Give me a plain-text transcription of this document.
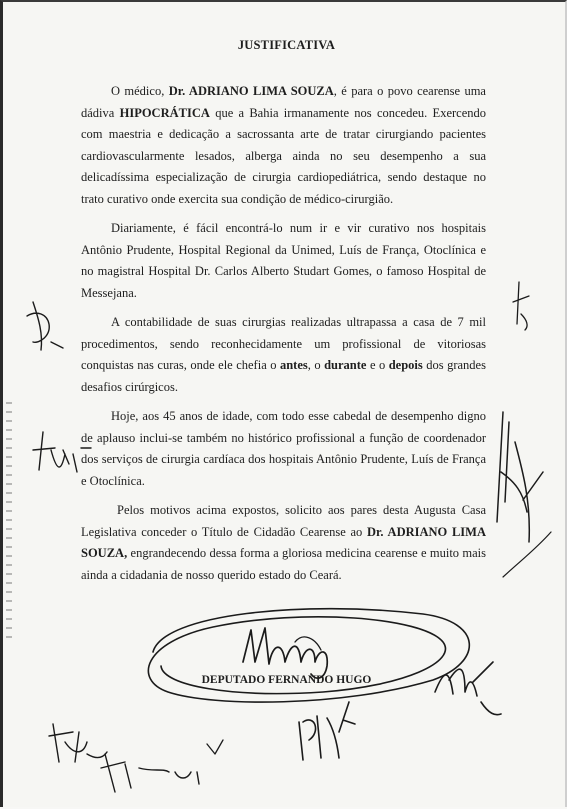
JUSTIFICATIVA

O médico, Dr. ADRIANO LIMA SOUZA, é para o povo cearense uma dádiva HIPOCRÁTICA que a Bahia irmanamente nos concedeu. Exercendo com maestria e dedicação a sacrossanta arte de tratar cirurgiando pacientes cardiovascularmente lesados, alberga ainda no seu desempenho a sua delicadíssima especialização de cirurgia cardiopediátrica, sendo destaque no trato curativo onde exercita sua condição de médico-cirurgião.

Diariamente, é fácil encontrá-lo num ir e vir curativo nos hospitais Antônio Prudente, Hospital Regional da Unimed, Luís de França, Otoclínica e no magistral Hospital Dr. Carlos Alberto Studart Gomes, o famoso Hospital de Messejana.

A contabilidade de suas cirurgias realizadas ultrapassa a casa de 7 mil procedimentos, sendo reconhecidamente um profissional de vitoriosas conquistas nas curas, onde ele chefia o antes, o durante e o depois dos grandes desafios cirúrgicos.

Hoje, aos 45 anos de idade, com todo esse cabedal de desempenho digno de aplauso inclui-se também no histórico profissional a função de coordenador dos serviços de cirurgia cardíaca dos hospitais Antônio Prudente, Luís de França e Otoclínica.

Pelos motivos acima expostos, solicito aos pares desta Augusta Casa Legislativa conceder o Título de Cidadão Cearense ao Dr. ADRIANO LIMA SOUZA, engrandecendo dessa forma a gloriosa medicina cearense e muito mais ainda a cidadania de nosso querido estado do Ceará.

DEPUTADO FERNANDO HUGO
